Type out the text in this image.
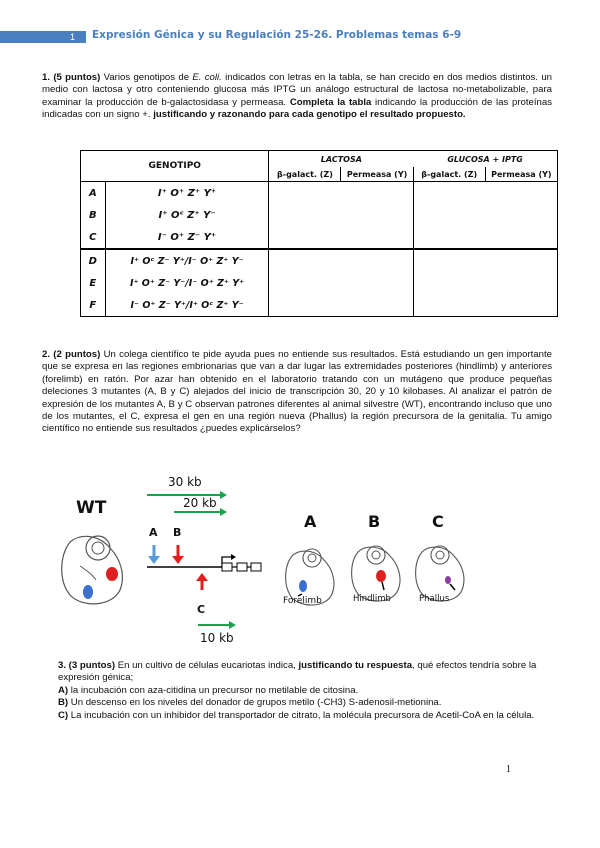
1 Expresión Génica y su Regulación 25-26. Problemas temas 6-9
1. (5 puntos) Varios genotipos de E. coli. indicados con letras en la tabla, se han crecido en dos medios distintos. un medio con lactosa y otro conteniendo glucosa más IPTG un análogo estructural de lactosa no-metabolizable, para examinar la producción de b-galactosidasa y permeasa. Completa la tabla indicando la producción de las proteínas indicadas con un signo +. justificando y razonando para cada genotipo el resultado propuesto.
GENOTIPO		LACTOSA		GLUCOSA + IPTG	
		β-galact. (Z)	Permeasa (Y)	β-galact. (Z)	Permeasa (Y)
A	I⁺ O⁺ Z⁺ Y⁺				
B	I⁺ Oᶜ Z⁺ Y⁻				
C	I⁻ O⁺ Z⁻ Y⁺				
D	I⁺ Oᶜ Z⁻ Y⁺/I⁻ O⁺ Z⁺ Y⁻				
E	I⁺ O⁺ Z⁻ Y⁻/I⁻ O⁺ Z⁺ Y⁺				
F	I⁻ O⁺ Z⁻ Y⁺/I⁺ Oᶜ Z⁺ Y⁻				
2. (2 puntos) Un colega científico te pide ayuda pues no entiende sus resultados. Está estudiando un gen importante que se expresa en las regiones embrionarias que van a dar lugar las extremidades posteriores (hindlimb) y anteriores (forelimb) en ratón. Por azar han obtenido en el laboratorio tratando con un mutágeno que produce pequeñas deleciones 3 mutantes (A, B y C) alejados del inicio de transcripción 30, 20 y 10 kilobases. Al analizar el patrón de expresión de los mutantes A, B y C observan patrones diferentes al animal silvestre (WT), encontrando incluso que uno de los mutantes, el C, expresa el gen en una región nueva (Phallus) la región precursora de la genitalia. Tu amigo científico no entiende sus resultados ¿puedes explicárselos?
30 kb
20 kb
WT
A B
C
10 kb
A	B	C
Forelimb	Hindlimb	Phallus
3. (3 puntos) En un cultivo de células eucariotas indica, justificando tu respuesta, qué efectos tendría sobre la expresión génica;
A) la incubación con aza-citidina un precursor no metilable de citosina.
B) Un descenso en los niveles del donador de grupos metilo (-CH3) S-adenosil-metionina.
C) La incubación con un inhibidor del transportador de citrato, la molécula precursora de Acetil-CoA en la célula.
1
